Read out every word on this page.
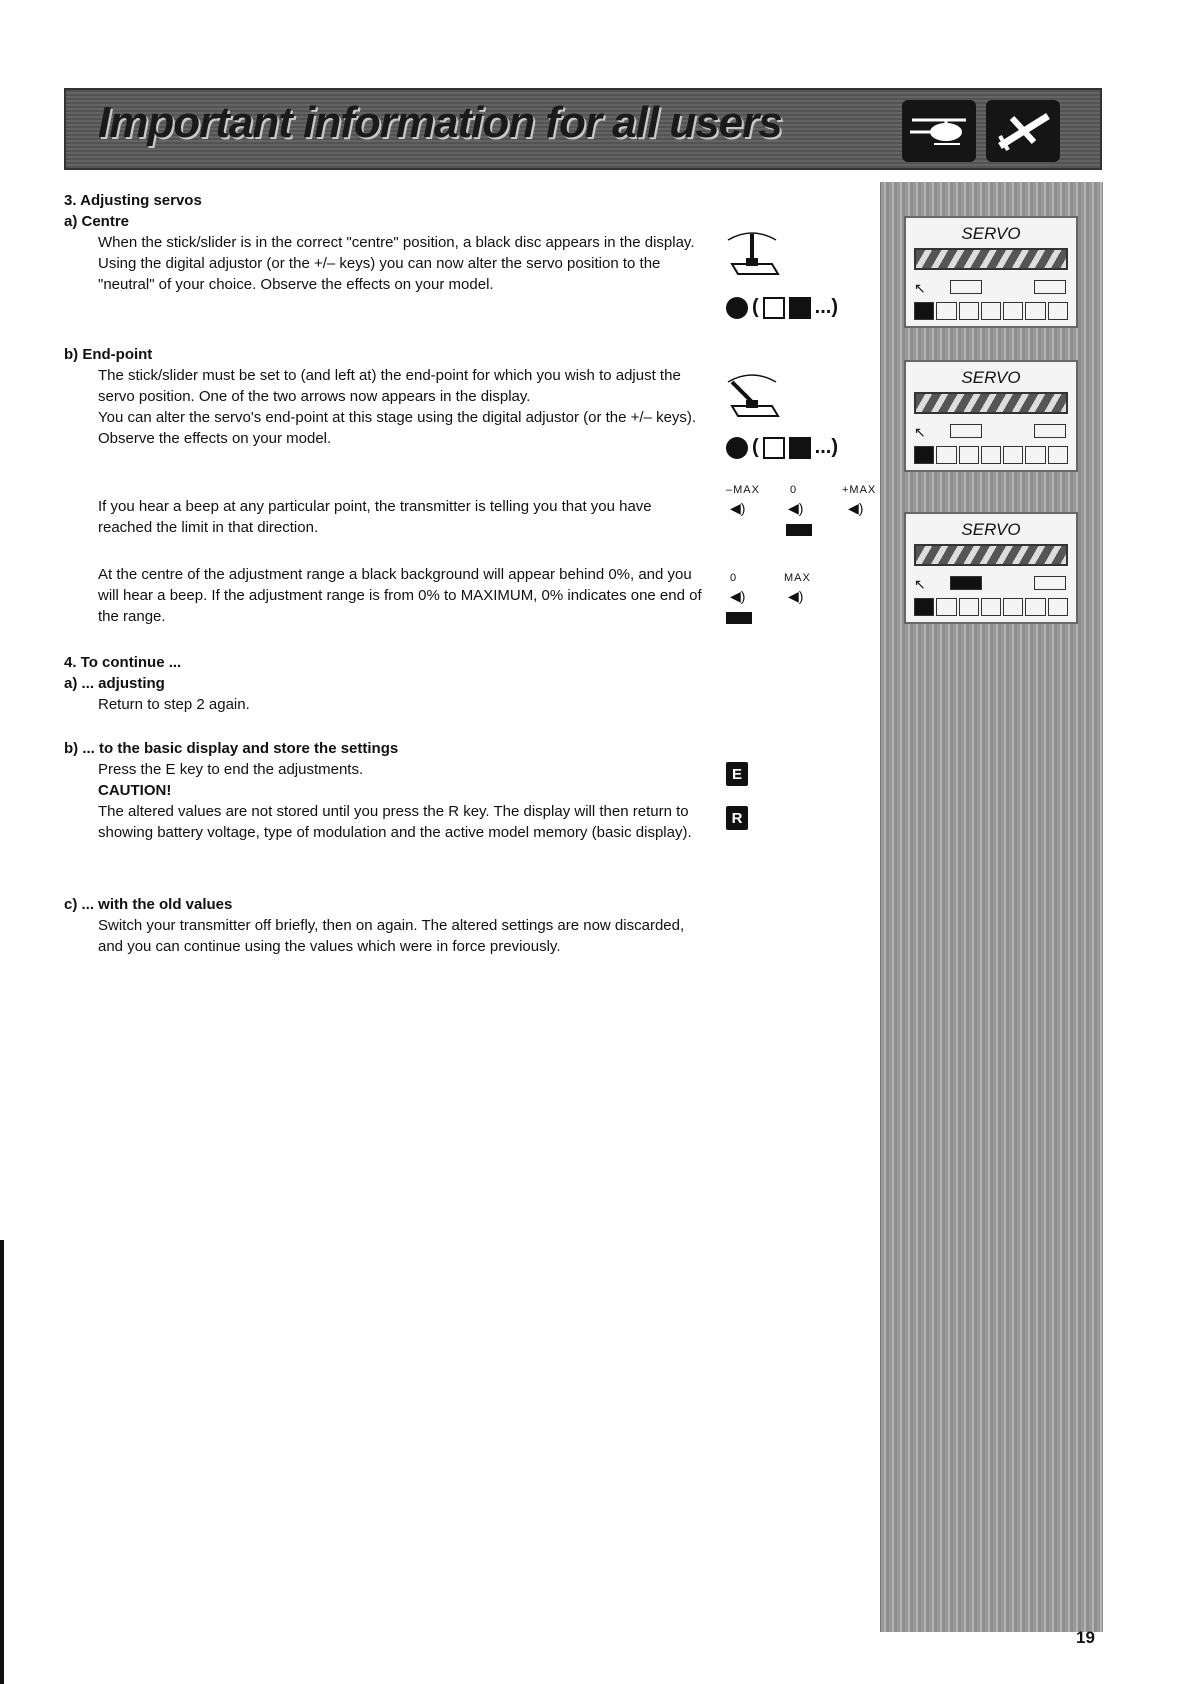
Important information for all users
SERVO
↖
SERVO
↖
SERVO
↖
(	...)
(	...)
–MAX	0	+MAX
◀)	◀)	◀)
0	MAX
◀)	◀)
E
R

3. Adjusting servos

a) Centre

When the stick/slider is in the correct "centre" position, a black disc appears in the display.

Using the digital adjustor (or the +/– keys) you can now alter the servo position to the "neutral" of your choice. Observe the effects on your model.

b) End-point

The stick/slider must be set to (and left at) the end-point for which you wish to adjust the servo position. One of the two arrows now appears in the display.

You can alter the servo's end-point at this stage using the digital adjustor (or the +/– keys). Observe the effects on your model.

If you hear a beep at any particular point, the transmitter is telling you that you have reached the limit in that direction.

At the centre of the adjustment range a black background will appear behind 0%, and you will hear a beep. If the adjustment range is from 0% to MAXIMUM, 0% indicates one end of the range.

4. To continue ...

a) ... adjusting

Return to step 2 again.

b) ... to the basic display and store the settings

Press the E key to end the adjustments.

CAUTION!

The altered values are not stored until you press the R key. The display will then return to showing battery voltage, type of modulation and the active model memory (basic display).

c) ... with the old values

Switch your transmitter off briefly, then on again. The altered settings are now discarded, and you can continue using the values which were in force previously.

19
